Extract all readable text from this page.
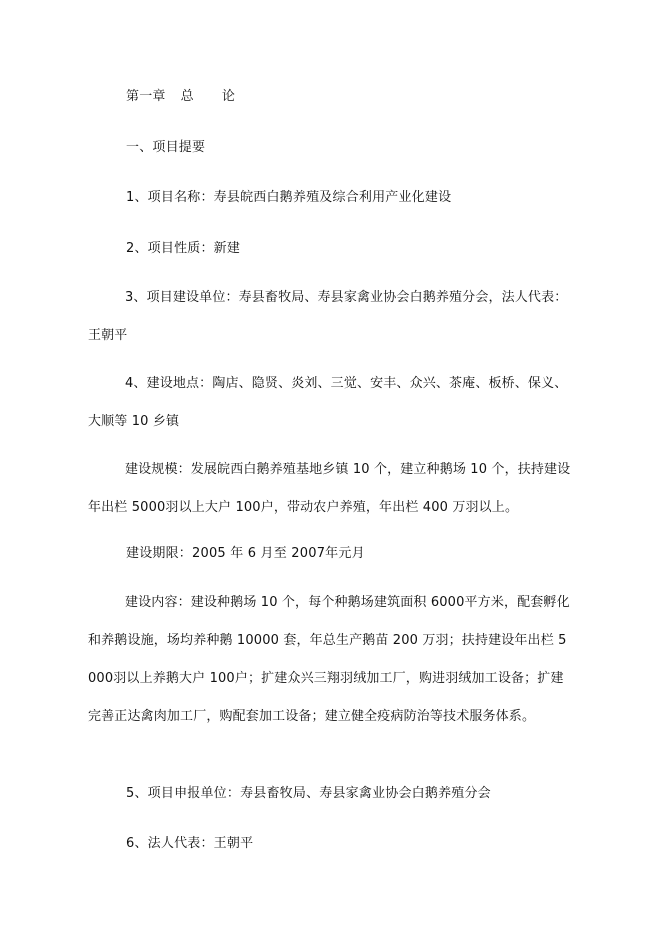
第一章 总 论
一、项目提要
1、项目名称：寿县皖西白鹅养殖及综合利用产业化建设
2、项目性质：新建
3、项目建设单位：寿县畜牧局、寿县家禽业协会白鹅养殖分会，法人代表：王朝平
4、建设地点：陶店、隐贤、炎刘、三觉、安丰、众兴、茶庵、板桥、保义、大顺等 10 乡镇
建设规模：发展皖西白鹅养殖基地乡镇 10 个，建立种鹅场 10 个，扶持建设年出栏 5000羽以上大户 100户，带动农户养殖，年出栏 400 万羽以上。
建设期限：2005 年 6 月至 2007年元月
建设内容：建设种鹅场 10 个，每个种鹅场建筑面积 6000平方米，配套孵化和养鹅设施，场均养种鹅 10000 套，年总生产鹅苗 200 万羽；扶持建设年出栏 5000羽以上养鹅大户 100户；扩建众兴三翔羽绒加工厂，购进羽绒加工设备；扩建完善正达禽肉加工厂，购配套加工设备；建立健全疫病防治等技术服务体系。
5、项目申报单位：寿县畜牧局、寿县家禽业协会白鹅养殖分会
6、法人代表：王朝平
